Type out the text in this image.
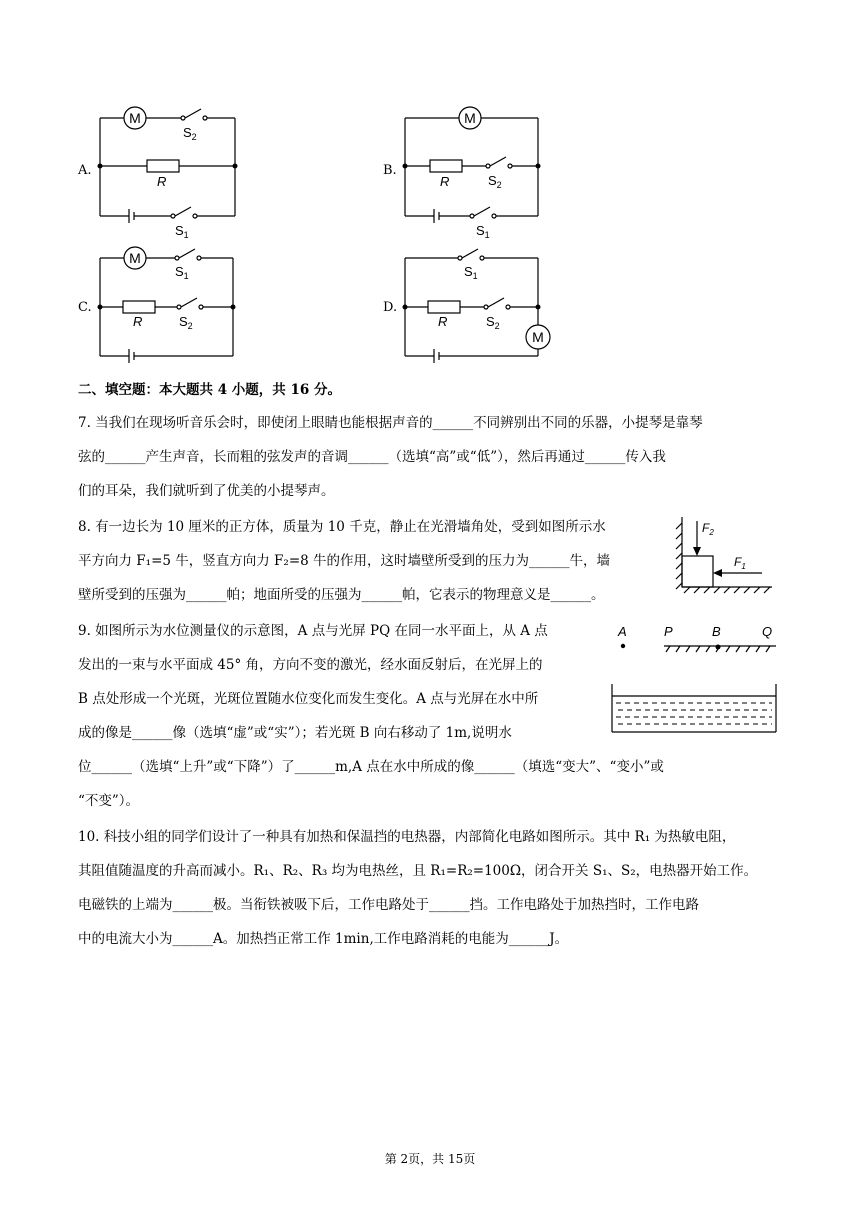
A.
M
$S_2$
R
$S_1$
B.
M
R	$S_2$
$S_1$
C.
M
$S_1$
R	$S_2$
D.
M
$S_1$
R	$S_2$
二、填空题：本大题共 4 小题，共 16 分。

7. 当我们在现场听音乐会时，即使闭上眼睛也能根据声音的______不同辨别出不同的乐器，小提琴是靠琴

弦的______产生声音，长而粗的弦发声的音调______（选填“高”或“低”），然后再通过______传入我

们的耳朵，我们就听到了优美的小提琴声。

8. 有一边长为 10 厘米的正方体，质量为 10 千克，静止在光滑墙角处，受到如图所示水

平方向力 F₁=5 牛，竖直方向力 F₂=8 牛的作用，这时墙壁所受到的压力为______牛，墙

壁所受到的压强为______帕；地面所受的压强为______帕，它表示的物理意义是______。

$F_2$
$F_1$

9. 如图所示为水位测量仪的示意图，A 点与光屏 PQ 在同一水平面上，从 A 点

发出的一束与水平面成 45° 角，方向不变的激光，经水面反射后，在光屏上的

B 点处形成一个光斑，光斑位置随水位变化而发生变化。A 点与光屏在水中所

成的像是______像（选填“虚”或“实”）；若光斑 B 向右移动了 1m,说明水

位______（选填“上升”或“下降”）了______m,A 点在水中所成的像______（填选“变大”、“变小”或

“不变”）。

A	P	B	Q

10. 科技小组的同学们设计了一种具有加热和保温挡的电热器，内部简化电路如图所示。其中 R₁ 为热敏电阻，

其阻值随温度的升高而减小。R₁、R₂、R₃ 均为电热丝，且 R₁=R₂=100Ω，闭合开关 S₁、S₂，电热器开始工作。

电磁铁的上端为______极。当衔铁被吸下后，工作电路处于______挡。工作电路处于加热挡时，工作电路

中的电流大小为______A。加热挡正常工作 1min,工作电路消耗的电能为______J。

第 2页，共 15页
